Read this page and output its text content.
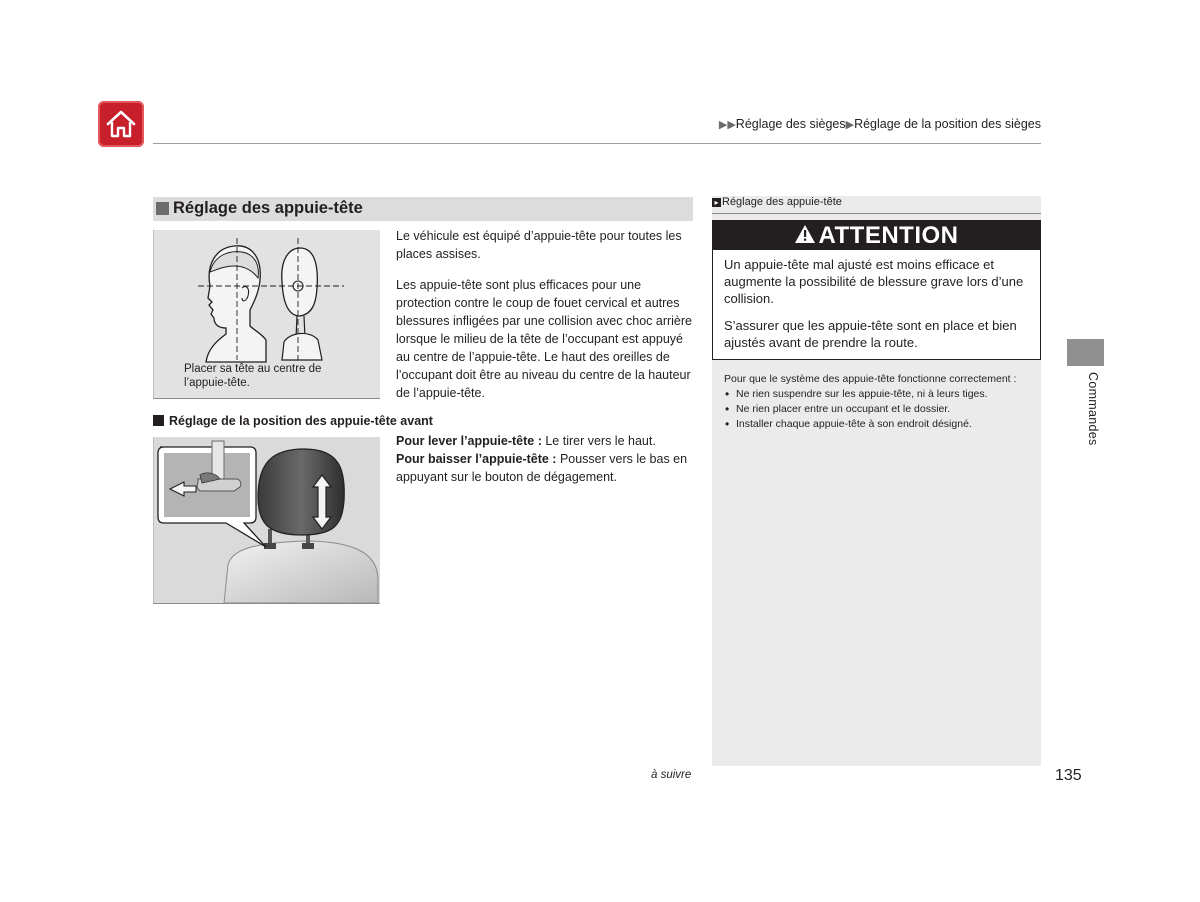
▶▶Réglage des sièges▶Réglage de la position des sièges
Réglage des appuie-tête
Placer sa tête au centre de
l’appuie-tête.
Le véhicule est équipé d’appuie-tête pour toutes les places assises.
Les appuie-tête sont plus efficaces pour une protection contre le coup de fouet cervical et autres blessures infligées par une collision avec choc arrière lorsque le milieu de la tête de l’occupant est appuyé au centre de l’appuie-tête. Le haut des oreilles de l’occupant doit être au niveau du centre de la hauteur de l’appuie-tête.
Réglage de la position des appuie-tête avant
Pour lever l’appuie-tête : Le tirer vers le haut.
Pour baisser l’appuie-tête : Pousser vers le bas en appuyant sur le bouton de dégagement.
▸ Réglage des appuie-tête
ATTENTION
Un appuie-tête mal ajusté est moins efficace et augmente la possibilité de blessure grave lors d’une collision.
S’assurer que les appuie-tête sont en place et bien ajustés avant de prendre la route.
Pour que le système des appuie-tête fonctionne correctement :
• Ne rien suspendre sur les appuie-tête, ni à leurs tiges.
• Ne rien placer entre un occupant et le dossier.
• Installer chaque appuie-tête à son endroit désigné.	Commandes
à suivre	135
